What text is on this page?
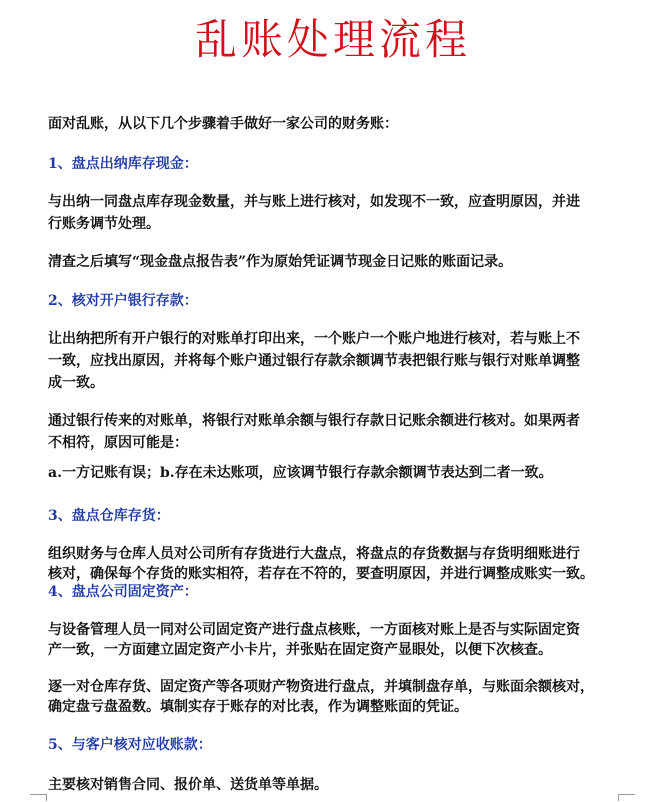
乱账处理流程

面对乱账，从以下几个步骤着手做好一家公司的财务账：

1、盘点出纳库存现金：

与出纳一同盘点库存现金数量，并与账上进行核对，如发现不一致，应查明原因，并进

行账务调节处理。

清查之后填写“现金盘点报告表”作为原始凭证调节现金日记账的账面记录。

2、核对开户银行存款：

让出纳把所有开户银行的对账单打印出来，一个账户一个账户地进行核对，若与账上不

一致，应找出原因，并将每个账户通过银行存款余额调节表把银行账与银行对账单调整

成一致。

通过银行传来的对账单，将银行对账单余额与银行存款日记账余额进行核对。如果两者

不相符，原因可能是：

a.一方记账有误；b.存在未达账项，应该调节银行存款余额调节表达到二者一致。

3、盘点仓库存货：

组织财务与仓库人员对公司所有存货进行大盘点，将盘点的存货数据与存货明细账进行

核对，确保每个存货的账实相符，若存在不符的，要查明原因，并进行调整成账实一致。

4、盘点公司固定资产：

与设备管理人员一同对公司固定资产进行盘点核账，一方面核对账上是否与实际固定资

产一致，一方面建立固定资产小卡片，并张贴在固定资产显眼处，以便下次核查。

逐一对仓库存货、固定资产等各项财产物资进行盘点，并填制盘存单，与账面余额核对，

确定盘亏盘盈数。填制实存于账存的对比表，作为调整账面的凭证。

5、与客户核对应收账款：

主要核对销售合同、报价单、送货单等单据。
